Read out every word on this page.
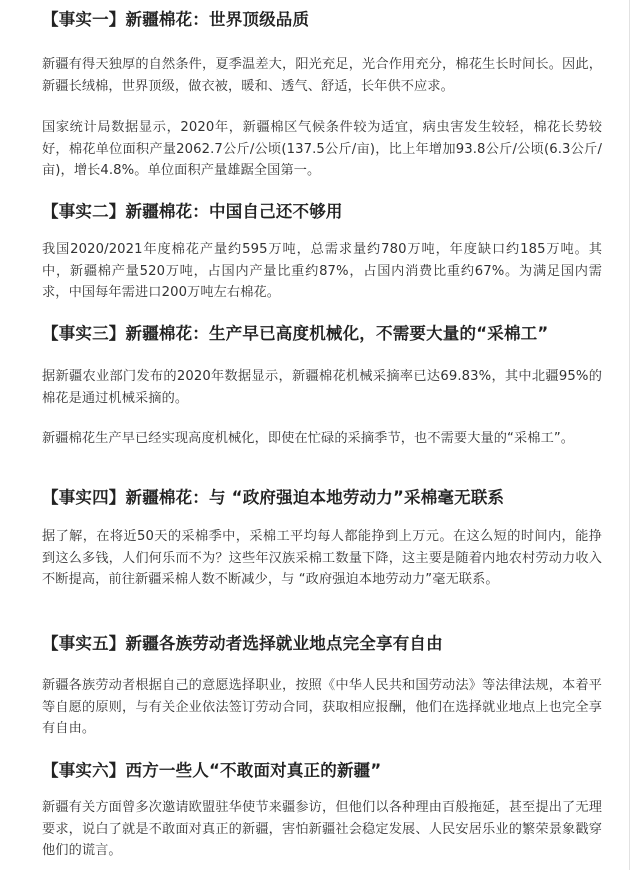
【事实一】新疆棉花：世界顶级品质

新疆有得天独厚的自然条件，夏季温差大，阳光充足，光合作用充分，棉花生长时间长。因此，新疆长绒棉，世界顶级，做衣被，暖和、透气、舒适，长年供不应求。

国家统计局数据显示，2020年，新疆棉区气候条件较为适宜，病虫害发生较轻，棉花长势较好，棉花单位面积产量2062.7公斤/公顷(137.5公斤/亩)，比上年增加93.8公斤/公顷(6.3公斤/亩)，增长4.8%。单位面积产量雄踞全国第一。

【事实二】新疆棉花：中国自己还不够用

我国2020/2021年度棉花产量约595万吨，总需求量约780万吨，年度缺口约185万吨。其中，新疆棉产量520万吨，占国内产量比重约87%，占国内消费比重约67%。为满足国内需求，中国每年需进口200万吨左右棉花。

【事实三】新疆棉花：生产早已高度机械化，不需要大量的“采棉工”

据新疆农业部门发布的2020年数据显示，新疆棉花机械采摘率已达69.83%，其中北疆95%的棉花是通过机械采摘的。

新疆棉花生产早已经实现高度机械化，即使在忙碌的采摘季节，也不需要大量的“采棉工”。

【事实四】新疆棉花：与 “政府强迫本地劳动力”采棉毫无联系

据了解，在将近50天的采棉季中，采棉工平均每人都能挣到上万元。在这么短的时间内，能挣到这么多钱，人们何乐而不为？这些年汉族采棉工数量下降，这主要是随着内地农村劳动力收入不断提高，前往新疆采棉人数不断减少，与 “政府强迫本地劳动力”毫无联系。

【事实五】新疆各族劳动者选择就业地点完全享有自由

新疆各族劳动者根据自己的意愿选择职业，按照《中华人民共和国劳动法》等法律法规，本着平等自愿的原则，与有关企业依法签订劳动合同，获取相应报酬，他们在选择就业地点上也完全享有自由。

【事实六】西方一些人“不敢面对真正的新疆”

新疆有关方面曾多次邀请欧盟驻华使节来疆参访，但他们以各种理由百般拖延，甚至提出了无理要求，说白了就是不敢面对真正的新疆，害怕新疆社会稳定发展、人民安居乐业的繁荣景象戳穿他们的谎言。
